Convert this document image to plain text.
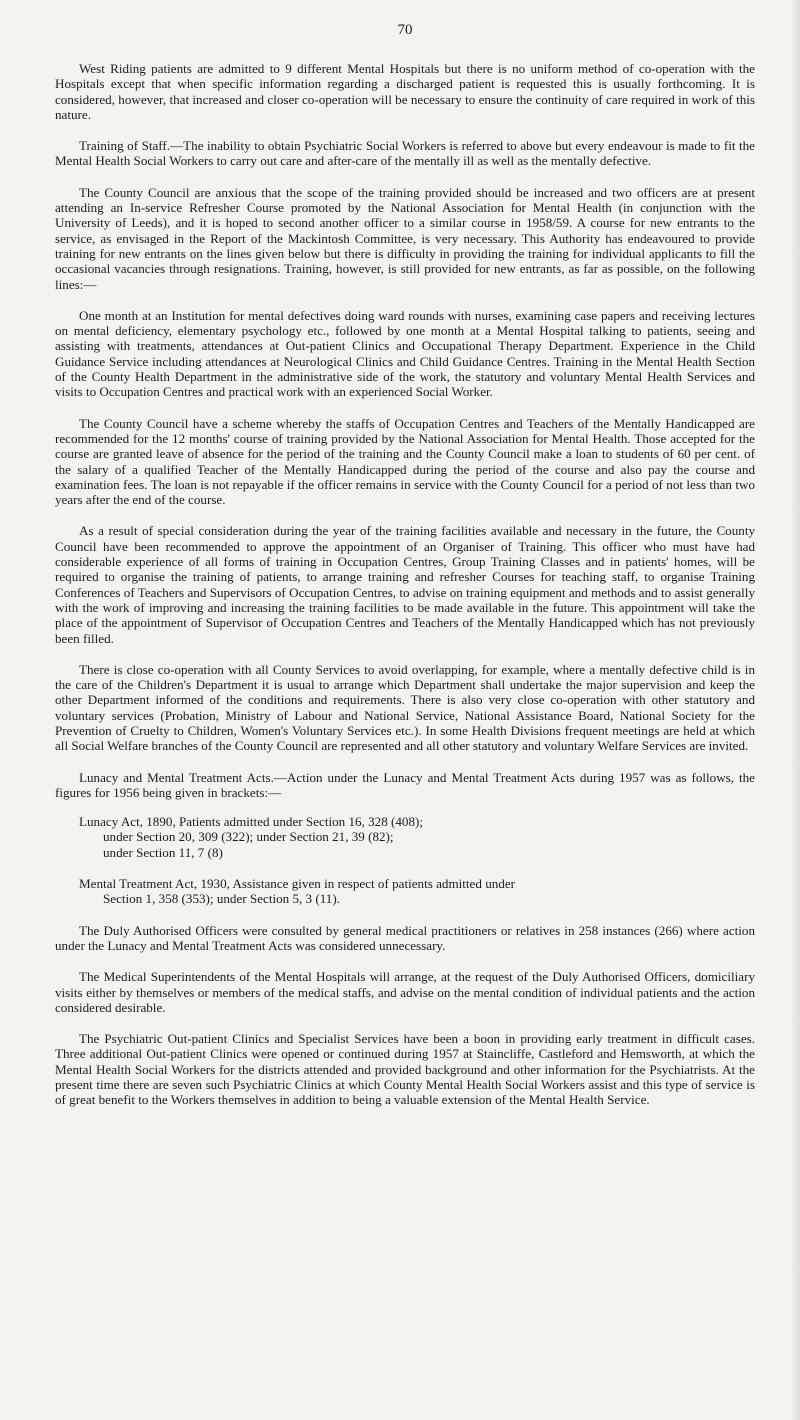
70

West Riding patients are admitted to 9 different Mental Hospitals but there is no uniform method of co-operation with the Hospitals except that when specific information regarding a discharged patient is requested this is usually forthcoming. It is considered, however, that increased and closer co-operation will be necessary to ensure the continuity of care required in work of this nature.

Training of Staff.—The inability to obtain Psychiatric Social Workers is referred to above but every endeavour is made to fit the Mental Health Social Workers to carry out care and after-care of the mentally ill as well as the mentally defective.

The County Council are anxious that the scope of the training provided should be increased and two officers are at present attending an In-service Refresher Course promoted by the National Association for Mental Health (in conjunction with the University of Leeds), and it is hoped to second another officer to a similar course in 1958/59. A course for new entrants to the service, as envisaged in the Report of the Mackintosh Committee, is very necessary. This Authority has endeavoured to provide training for new entrants on the lines given below but there is difficulty in providing the training for individual applicants to fill the occasional vacancies through resignations. Training, however, is still provided for new entrants, as far as possible, on the following lines:—

One month at an Institution for mental defectives doing ward rounds with nurses, examining case papers and receiving lectures on mental deficiency, elementary psychology etc., followed by one month at a Mental Hospital talking to patients, seeing and assisting with treatments, attendances at Out-patient Clinics and Occupational Therapy Department. Experience in the Child Guidance Service including attendances at Neurological Clinics and Child Guidance Centres. Training in the Mental Health Section of the County Health Department in the administrative side of the work, the statutory and voluntary Mental Health Services and visits to Occupation Centres and practical work with an experienced Social Worker.

The County Council have a scheme whereby the staffs of Occupation Centres and Teachers of the Mentally Handicapped are recommended for the 12 months' course of training provided by the National Association for Mental Health. Those accepted for the course are granted leave of absence for the period of the training and the County Council make a loan to students of 60 per cent. of the salary of a qualified Teacher of the Mentally Handicapped during the period of the course and also pay the course and examination fees. The loan is not repayable if the officer remains in service with the County Council for a period of not less than two years after the end of the course.

As a result of special consideration during the year of the training facilities available and necessary in the future, the County Council have been recommended to approve the appointment of an Organiser of Training. This officer who must have had considerable experience of all forms of training in Occupation Centres, Group Training Classes and in patients' homes, will be required to organise the training of patients, to arrange training and refresher Courses for teaching staff, to organise Training Conferences of Teachers and Supervisors of Occupation Centres, to advise on training equipment and methods and to assist generally with the work of improving and increasing the training facilities to be made available in the future. This appointment will take the place of the appointment of Supervisor of Occupation Centres and Teachers of the Mentally Handicapped which has not previously been filled.

There is close co-operation with all County Services to avoid overlapping, for example, where a mentally defective child is in the care of the Children's Department it is usual to arrange which Department shall undertake the major supervision and keep the other Department informed of the conditions and requirements. There is also very close co-operation with other statutory and voluntary services (Probation, Ministry of Labour and National Service, National Assistance Board, National Society for the Prevention of Cruelty to Children, Women's Voluntary Services etc.). In some Health Divisions frequent meetings are held at which all Social Welfare branches of the County Council are represented and all other statutory and voluntary Welfare Services are invited.

Lunacy and Mental Treatment Acts.—Action under the Lunacy and Mental Treatment Acts during 1957 was as follows, the figures for 1956 being given in brackets:—

Lunacy Act, 1890, Patients admitted under Section 16, 328 (408);
under Section 20, 309 (322); under Section 21, 39 (82);
under Section 11, 7 (8)
Mental Treatment Act, 1930, Assistance given in respect of patients admitted under
Section 1, 358 (353); under Section 5, 3 (11).

The Duly Authorised Officers were consulted by general medical practitioners or relatives in 258 instances (266) where action under the Lunacy and Mental Treatment Acts was considered unnecessary.

The Medical Superintendents of the Mental Hospitals will arrange, at the request of the Duly Authorised Officers, domiciliary visits either by themselves or members of the medical staffs, and advise on the mental condition of individual patients and the action considered desirable.

The Psychiatric Out-patient Clinics and Specialist Services have been a boon in providing early treatment in difficult cases. Three additional Out-patient Clinics were opened or continued during 1957 at Staincliffe, Castleford and Hemsworth, at which the Mental Health Social Workers for the districts attended and provided background and other information for the Psychiatrists. At the present time there are seven such Psychiatric Clinics at which County Mental Health Social Workers assist and this type of service is of great benefit to the Workers themselves in addition to being a valuable extension of the Mental Health Service.
